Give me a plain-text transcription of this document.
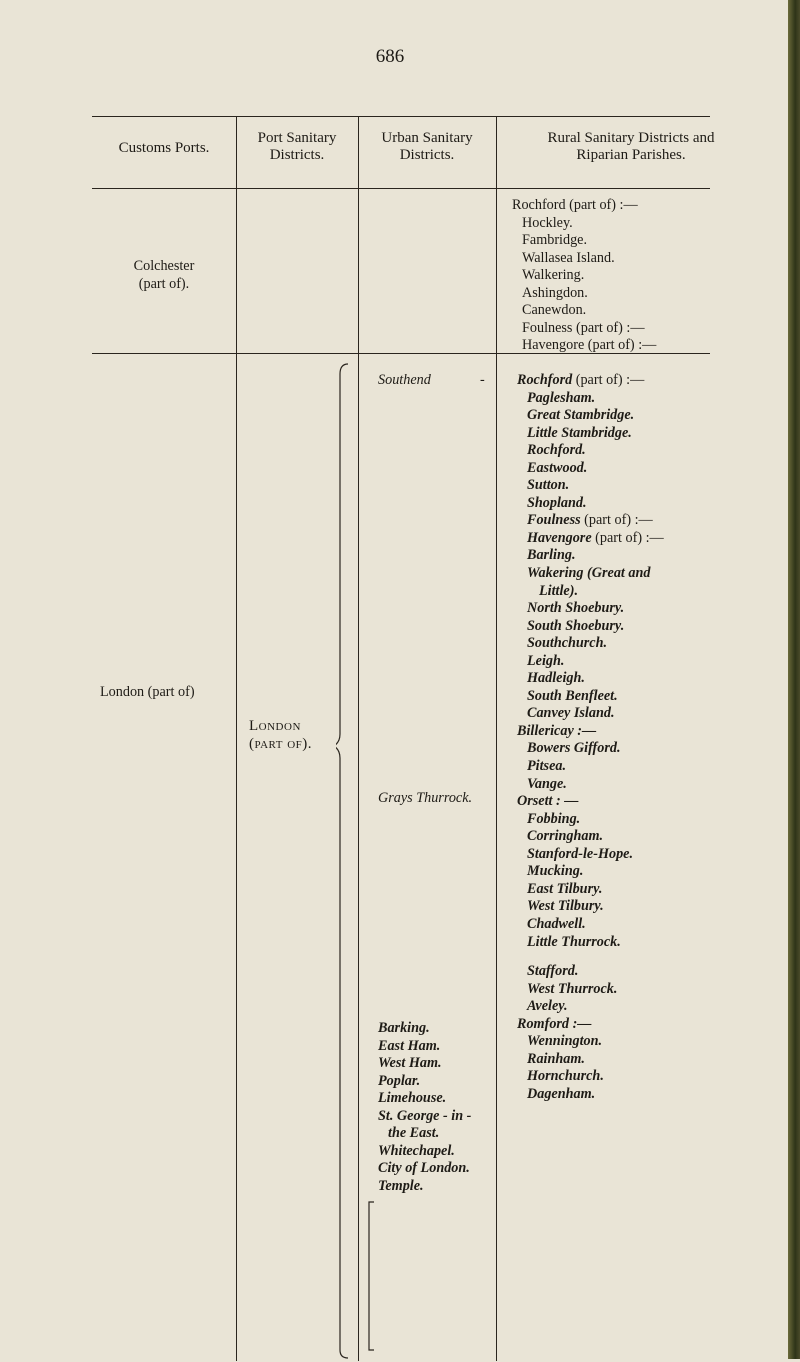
686
Customs Ports.
Port Sanitary
Districts.
Urban Sanitary
Districts.
Rural Sanitary Districts and
Riparian Parishes.
Colchester
(part of).
Rochford (part of) :—
Hockley.
Fambridge.
Wallasea Island.
Walkering.
Ashingdon.
Canewdon.
Foulness (part of) :—
Havengore (part of) :—
London (part of)
London
(part of).
Southend	-
Grays Thurrock.
Barking.
East Ham.
West Ham.
Poplar.
Limehouse.
St. George - in -
the East.
Whitechapel.
City of London.
Temple.
Rochford (part of) :—
Paglesham.
Great Stambridge.
Little Stambridge.
Rochford.
Eastwood.
Sutton.
Shopland.
Foulness (part of) :—
Havengore (part of) :—
Barling.
Wakering (Great and
Little).
North Shoebury.
South Shoebury.
Southchurch.
Leigh.
Hadleigh.
South Benfleet.
Canvey Island.
Billericay :—
Bowers Gifford.
Pitsea.
Vange.
Orsett : —
Fobbing.
Corringham.
Stanford-le-Hope.
Mucking.
East Tilbury.
West Tilbury.
Chadwell.
Little Thurrock.
Stafford.
West Thurrock.
Aveley.
Romford :—
Wennington.
Rainham.
Hornchurch.
Dagenham.
